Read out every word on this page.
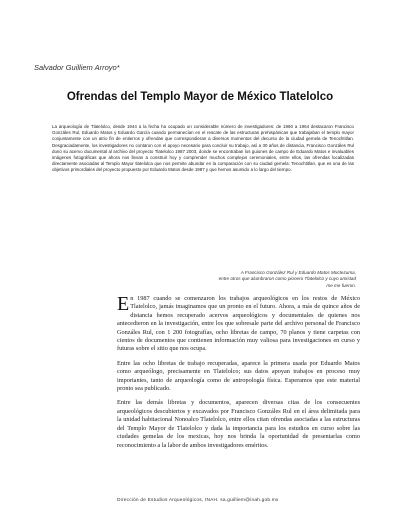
Salvador Guilliem Arroyo*
Ofrendas del Templo Mayor de México Tlatelolco
La arqueología de Tlatelolco, desde 1944 a la fecha ha ocupado un considerable número de investigadores: de 1960 a 1964 destacaron Francisco Gonzáles Rul, Eduardo Matos y Eduardo García cuando permanecían en el rescate de las estructuras prehispánicas que trabajaban el templo mayor conjuntamente con un atrio fin de entierros y ofrendas que correspondieran a diversos momentos del decurso de la ciudad gemela de Tenochtitlan. Desgraciadamente, los investigadores no contaron con el apoyo necesario para concluir su trabajo, así a 30 años de distancia, Francisco Gonzáles Rul donó su acervo documental al archivo del proyecto Tlatelolco 1987 2003, donde se encontraban los guiones de campo de Eduardo Matos e invaluables imágenes fotográficas que ahora nos llevan a construir hoy y comprender muchos complejos ceremoniales, entre ellos, las ofrendas localizadas directamente asociadas al Templo Mayor tlatelolca que nos permite abundar en la comparación con su ciudad gemela: Tenochtitlan, que es una de las objetivos primordiales del proyecto propuesto por Eduardo Matos desde 1987 y que hemos asumido a lo largo del tiempo.
A Francisco González Rul y Eduardo Matos Moctezuma,
entre otros que alumbraron como pionero Tlatelolco y cuyo amistad
me me fueron.

En 1987 cuando se comenzaron los trabajos arqueológicos en los restos de México Tlatelolco, jamás imaginamos que un pronto en el futuro. Ahora, a más de quince años de distancia hemos recuperado acervos arqueológicos y documentales de quienes nos antecedieron en la investigación, entre los que sobresale parte del archivo personal de Francisco Gonzáles Rul, con 1 200 fotografías, ocho libretas de campo, 70 planos y tiene carpetas con cientos de documentos que contienen información muy valiosa para investigaciones en curso y futuras sobre el sitio que nos ocupa.

Entre las ocho libretas de trabajo recuperadas, aparece la primera usada por Eduardo Matos como arqueólogo, precisamente en Tlatelolco; sus datos apoyan trabajos en proceso muy importantes, tanto de arqueología como de antropología física. Esperamos que este material pronto sea publicado.

Entre las demás libretas y documentos, aparecen diversas citas de los consecuentes arqueológicos descubiertos y excavados por Francisco Gonzáles Rul en el área delimitada para la unidad habitacional Nonoalco Tlatelolco, entre ellos citan ofrendas asociadas a las estructuras del Templo Mayor de Tlatelolco y dada la importancia para los estudios en curso sobre las ciudades gemelas de los mexicas, hoy nos brinda la oportunidad de presentarlas como reconocimiento a la labor de ambos investigadores eméritos.

Dirección de Estudios Arqueológicos, INAH. sa.guilliem@inah.gob.mx
